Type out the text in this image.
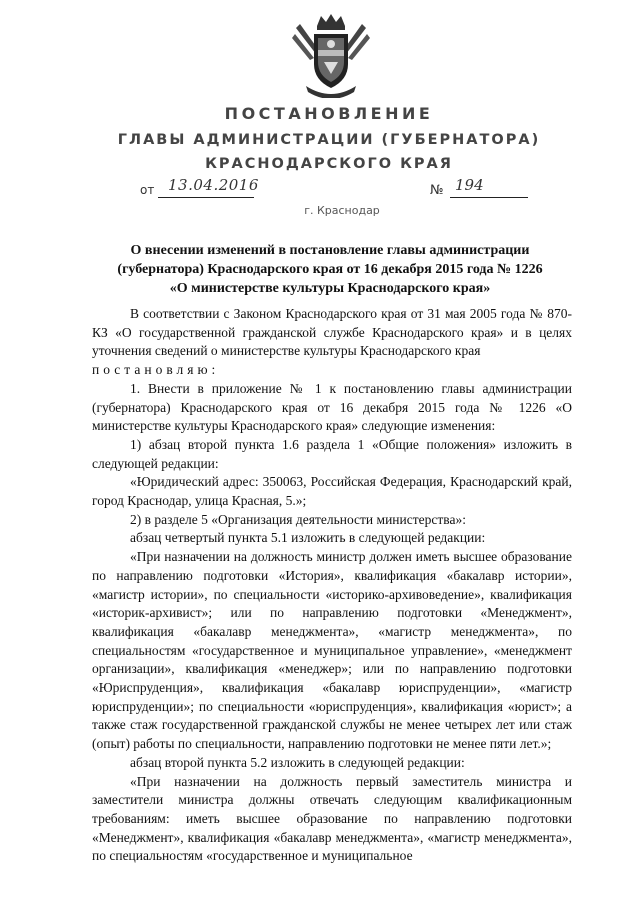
ПОСТАНОВЛЕНИЕ
ГЛАВЫ АДМИНИСТРАЦИИ (ГУБЕРНАТОРА)
КРАСНОДАРСКОГО КРАЯ
от 13.04.2016	№ 194
г. Краснодар
О внесении изменений в постановление главы администрации
(губернатора) Краснодарского края от 16 декабря 2015 года № 1226
«О министерстве культуры Краснодарского края»

В соответствии с Законом Краснодарского края от 31 мая 2005 года № 870-КЗ «О государственной гражданской службе Краснодарского края» и в целях уточнения сведений о министерстве культуры Краснодарского края

постановляю:

1. Внести в приложение № 1 к постановлению главы администрации (губернатора) Краснодарского края от 16 декабря 2015 года № 1226 «О министерстве культуры Краснодарского края» следующие изменения:

1) абзац второй пункта 1.6 раздела 1 «Общие положения» изложить в следующей редакции:

«Юридический адрес: 350063, Российская Федерация, Краснодарский край, город Краснодар, улица Красная, 5.»;

2) в разделе 5 «Организация деятельности министерства»:

абзац четвертый пункта 5.1 изложить в следующей редакции:

«При назначении на должность министр должен иметь высшее образование по направлению подготовки «История», квалификация «бакалавр истории», «магистр истории», по специальности «историко-архивоведение», квалификация «историк-архивист»; или по направлению подготовки «Менеджмент», квалификация «бакалавр менеджмента», «магистр менеджмента», по специальностям «государственное и муниципальное управление», «менеджмент организации», квалификация «менеджер»; или по направлению подготовки «Юриспруденция», квалификация «бакалавр юриспруденции», «магистр юриспруденции»; по специальности «юриспруденция», квалификация «юрист»; а также стаж государственной гражданской службы не менее четырех лет или стаж (опыт) работы по специальности, направлению подготовки не менее пяти лет.»;

абзац второй пункта 5.2 изложить в следующей редакции:

«При назначении на должность первый заместитель министра и заместители министра должны отвечать следующим квалификационным требованиям: иметь высшее образование по направлению подготовки «Менеджмент», квалификация «бакалавр менеджмента», «магистр менеджмента», по специальностям «государственное и муниципальное
